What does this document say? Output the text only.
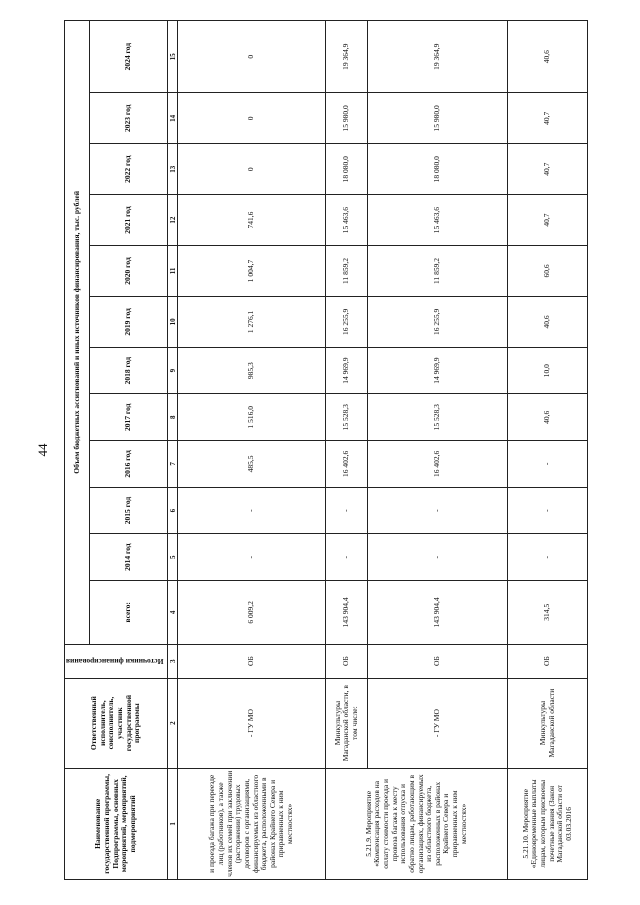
44
Наименование государственной программы, Подпрограммы, основных мероприятий, мероприятий, подмероприятий	Ответственный исполнитель, соисполнитель, участник государственной программы	Источники финансирования	Объем бюджетных ассигнований и иных источников финансирования, тыс. рублей											
			всего:	2014 год	2015 год	2016 год	2017 год	2018 год	2019 год	2020 год	2021 год	2022 год	2023 год	2024 год
1	2	3	4	5	6	7	8	9	10	11	12	13	14	15
и проезда багажа при переезде лиц (работников), а также членов их семей при заключении (расторжении) трудовых договоров с организациями, финансируемых из областного бюджета, расположенными в районах Крайнего Севера и приравненных к ним местностях»	- ГУ МО	ОБ	6 009,2	-	-	485,5	1 516,0	985,3	1 276,1	1 004,7	741,6	0	0	0
5.21.9. Мероприятие «Компенсация расходов на оплату стоимости проезда и провоза багажа к месту использования отпуска и обратно лицам, работающим в организациях, финансируемых из областного бюджета, расположенных в районах Крайнего Севера и приравненных к ним местностях»	Минкультуры Магаданской области, в том числе:	ОБ	143 904,4	-	-	16 402,6	15 528,3	14 969,9	16 255,9	11 859,2	15 463,6	18 080,0	15 980,0	19 364,9
	- ГУ МО	ОБ	143 904,4	-	-	16 402,6	15 528,3	14 969,9	16 255,9	11 859,2	15 463,6	18 080,0	15 980,0	19 364,9
5.21.10. Мероприятие «Единовременные выплаты лицам, которым присвоены почетные звания (Закон Магаданской области от 03.03.2016	Минкультуры Магаданской области	ОБ	314,5	-	-	-	40,6	10,0	40,6	60,6	40,7	40,7	40,7	40,6
